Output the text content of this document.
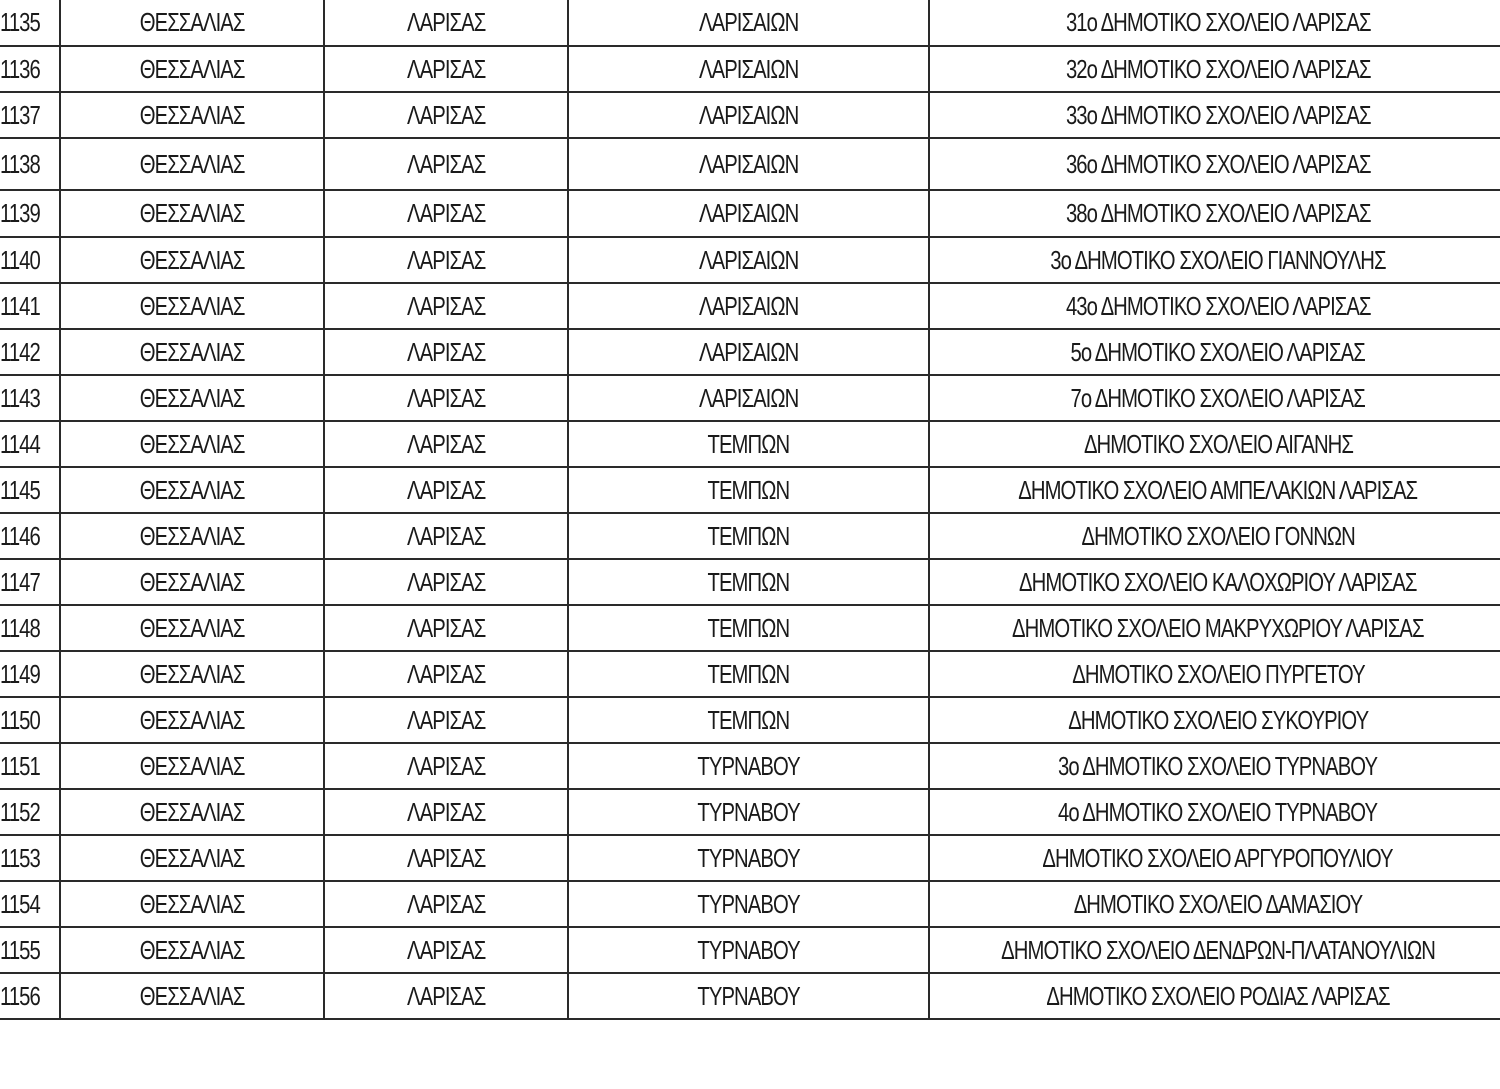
1135	ΘΕΣΣΑΛΙΑΣ	ΛΑΡΙΣΑΣ	ΛΑΡΙΣΑΙΩΝ	31ο ΔΗΜΟΤΙΚΟ ΣΧΟΛΕΙΟ ΛΑΡΙΣΑΣ
1136	ΘΕΣΣΑΛΙΑΣ	ΛΑΡΙΣΑΣ	ΛΑΡΙΣΑΙΩΝ	32ο ΔΗΜΟΤΙΚΟ ΣΧΟΛΕΙΟ ΛΑΡΙΣΑΣ
1137	ΘΕΣΣΑΛΙΑΣ	ΛΑΡΙΣΑΣ	ΛΑΡΙΣΑΙΩΝ	33ο ΔΗΜΟΤΙΚΟ ΣΧΟΛΕΙΟ ΛΑΡΙΣΑΣ
1138	ΘΕΣΣΑΛΙΑΣ	ΛΑΡΙΣΑΣ	ΛΑΡΙΣΑΙΩΝ	36ο ΔΗΜΟΤΙΚΟ ΣΧΟΛΕΙΟ ΛΑΡΙΣΑΣ
1139	ΘΕΣΣΑΛΙΑΣ	ΛΑΡΙΣΑΣ	ΛΑΡΙΣΑΙΩΝ	38ο ΔΗΜΟΤΙΚΟ ΣΧΟΛΕΙΟ ΛΑΡΙΣΑΣ
1140	ΘΕΣΣΑΛΙΑΣ	ΛΑΡΙΣΑΣ	ΛΑΡΙΣΑΙΩΝ	3ο ΔΗΜΟΤΙΚΟ ΣΧΟΛΕΙΟ ΓΙΑΝΝΟΥΛΗΣ
1141	ΘΕΣΣΑΛΙΑΣ	ΛΑΡΙΣΑΣ	ΛΑΡΙΣΑΙΩΝ	43ο ΔΗΜΟΤΙΚΟ ΣΧΟΛΕΙΟ ΛΑΡΙΣΑΣ
1142	ΘΕΣΣΑΛΙΑΣ	ΛΑΡΙΣΑΣ	ΛΑΡΙΣΑΙΩΝ	5ο ΔΗΜΟΤΙΚΟ ΣΧΟΛΕΙΟ ΛΑΡΙΣΑΣ
1143	ΘΕΣΣΑΛΙΑΣ	ΛΑΡΙΣΑΣ	ΛΑΡΙΣΑΙΩΝ	7ο ΔΗΜΟΤΙΚΟ ΣΧΟΛΕΙΟ ΛΑΡΙΣΑΣ
1144	ΘΕΣΣΑΛΙΑΣ	ΛΑΡΙΣΑΣ	ΤΕΜΠΩΝ	ΔΗΜΟΤΙΚΟ ΣΧΟΛΕΙΟ ΑΙΓΑΝΗΣ
1145	ΘΕΣΣΑΛΙΑΣ	ΛΑΡΙΣΑΣ	ΤΕΜΠΩΝ	ΔΗΜΟΤΙΚΟ ΣΧΟΛΕΙΟ ΑΜΠΕΛΑΚΙΩΝ ΛΑΡΙΣΑΣ
1146	ΘΕΣΣΑΛΙΑΣ	ΛΑΡΙΣΑΣ	ΤΕΜΠΩΝ	ΔΗΜΟΤΙΚΟ ΣΧΟΛΕΙΟ ΓΟΝΝΩΝ
1147	ΘΕΣΣΑΛΙΑΣ	ΛΑΡΙΣΑΣ	ΤΕΜΠΩΝ	ΔΗΜΟΤΙΚΟ ΣΧΟΛΕΙΟ ΚΑΛΟΧΩΡΙΟΥ ΛΑΡΙΣΑΣ
1148	ΘΕΣΣΑΛΙΑΣ	ΛΑΡΙΣΑΣ	ΤΕΜΠΩΝ	ΔΗΜΟΤΙΚΟ ΣΧΟΛΕΙΟ ΜΑΚΡΥΧΩΡΙΟΥ ΛΑΡΙΣΑΣ
1149	ΘΕΣΣΑΛΙΑΣ	ΛΑΡΙΣΑΣ	ΤΕΜΠΩΝ	ΔΗΜΟΤΙΚΟ ΣΧΟΛΕΙΟ ΠΥΡΓΕΤΟΥ
1150	ΘΕΣΣΑΛΙΑΣ	ΛΑΡΙΣΑΣ	ΤΕΜΠΩΝ	ΔΗΜΟΤΙΚΟ ΣΧΟΛΕΙΟ ΣΥΚΟΥΡΙΟΥ
1151	ΘΕΣΣΑΛΙΑΣ	ΛΑΡΙΣΑΣ	ΤΥΡΝΑΒΟΥ	3ο ΔΗΜΟΤΙΚΟ ΣΧΟΛΕΙΟ ΤΥΡΝΑΒΟΥ
1152	ΘΕΣΣΑΛΙΑΣ	ΛΑΡΙΣΑΣ	ΤΥΡΝΑΒΟΥ	4ο ΔΗΜΟΤΙΚΟ ΣΧΟΛΕΙΟ ΤΥΡΝΑΒΟΥ
1153	ΘΕΣΣΑΛΙΑΣ	ΛΑΡΙΣΑΣ	ΤΥΡΝΑΒΟΥ	ΔΗΜΟΤΙΚΟ ΣΧΟΛΕΙΟ ΑΡΓΥΡΟΠΟΥΛΙΟΥ
1154	ΘΕΣΣΑΛΙΑΣ	ΛΑΡΙΣΑΣ	ΤΥΡΝΑΒΟΥ	ΔΗΜΟΤΙΚΟ ΣΧΟΛΕΙΟ ΔΑΜΑΣΙΟΥ
1155	ΘΕΣΣΑΛΙΑΣ	ΛΑΡΙΣΑΣ	ΤΥΡΝΑΒΟΥ	ΔΗΜΟΤΙΚΟ ΣΧΟΛΕΙΟ ΔΕΝΔΡΩΝ-ΠΛΑΤΑΝΟΥΛΙΩΝ
1156	ΘΕΣΣΑΛΙΑΣ	ΛΑΡΙΣΑΣ	ΤΥΡΝΑΒΟΥ	ΔΗΜΟΤΙΚΟ ΣΧΟΛΕΙΟ ΡΟΔΙΑΣ ΛΑΡΙΣΑΣ
